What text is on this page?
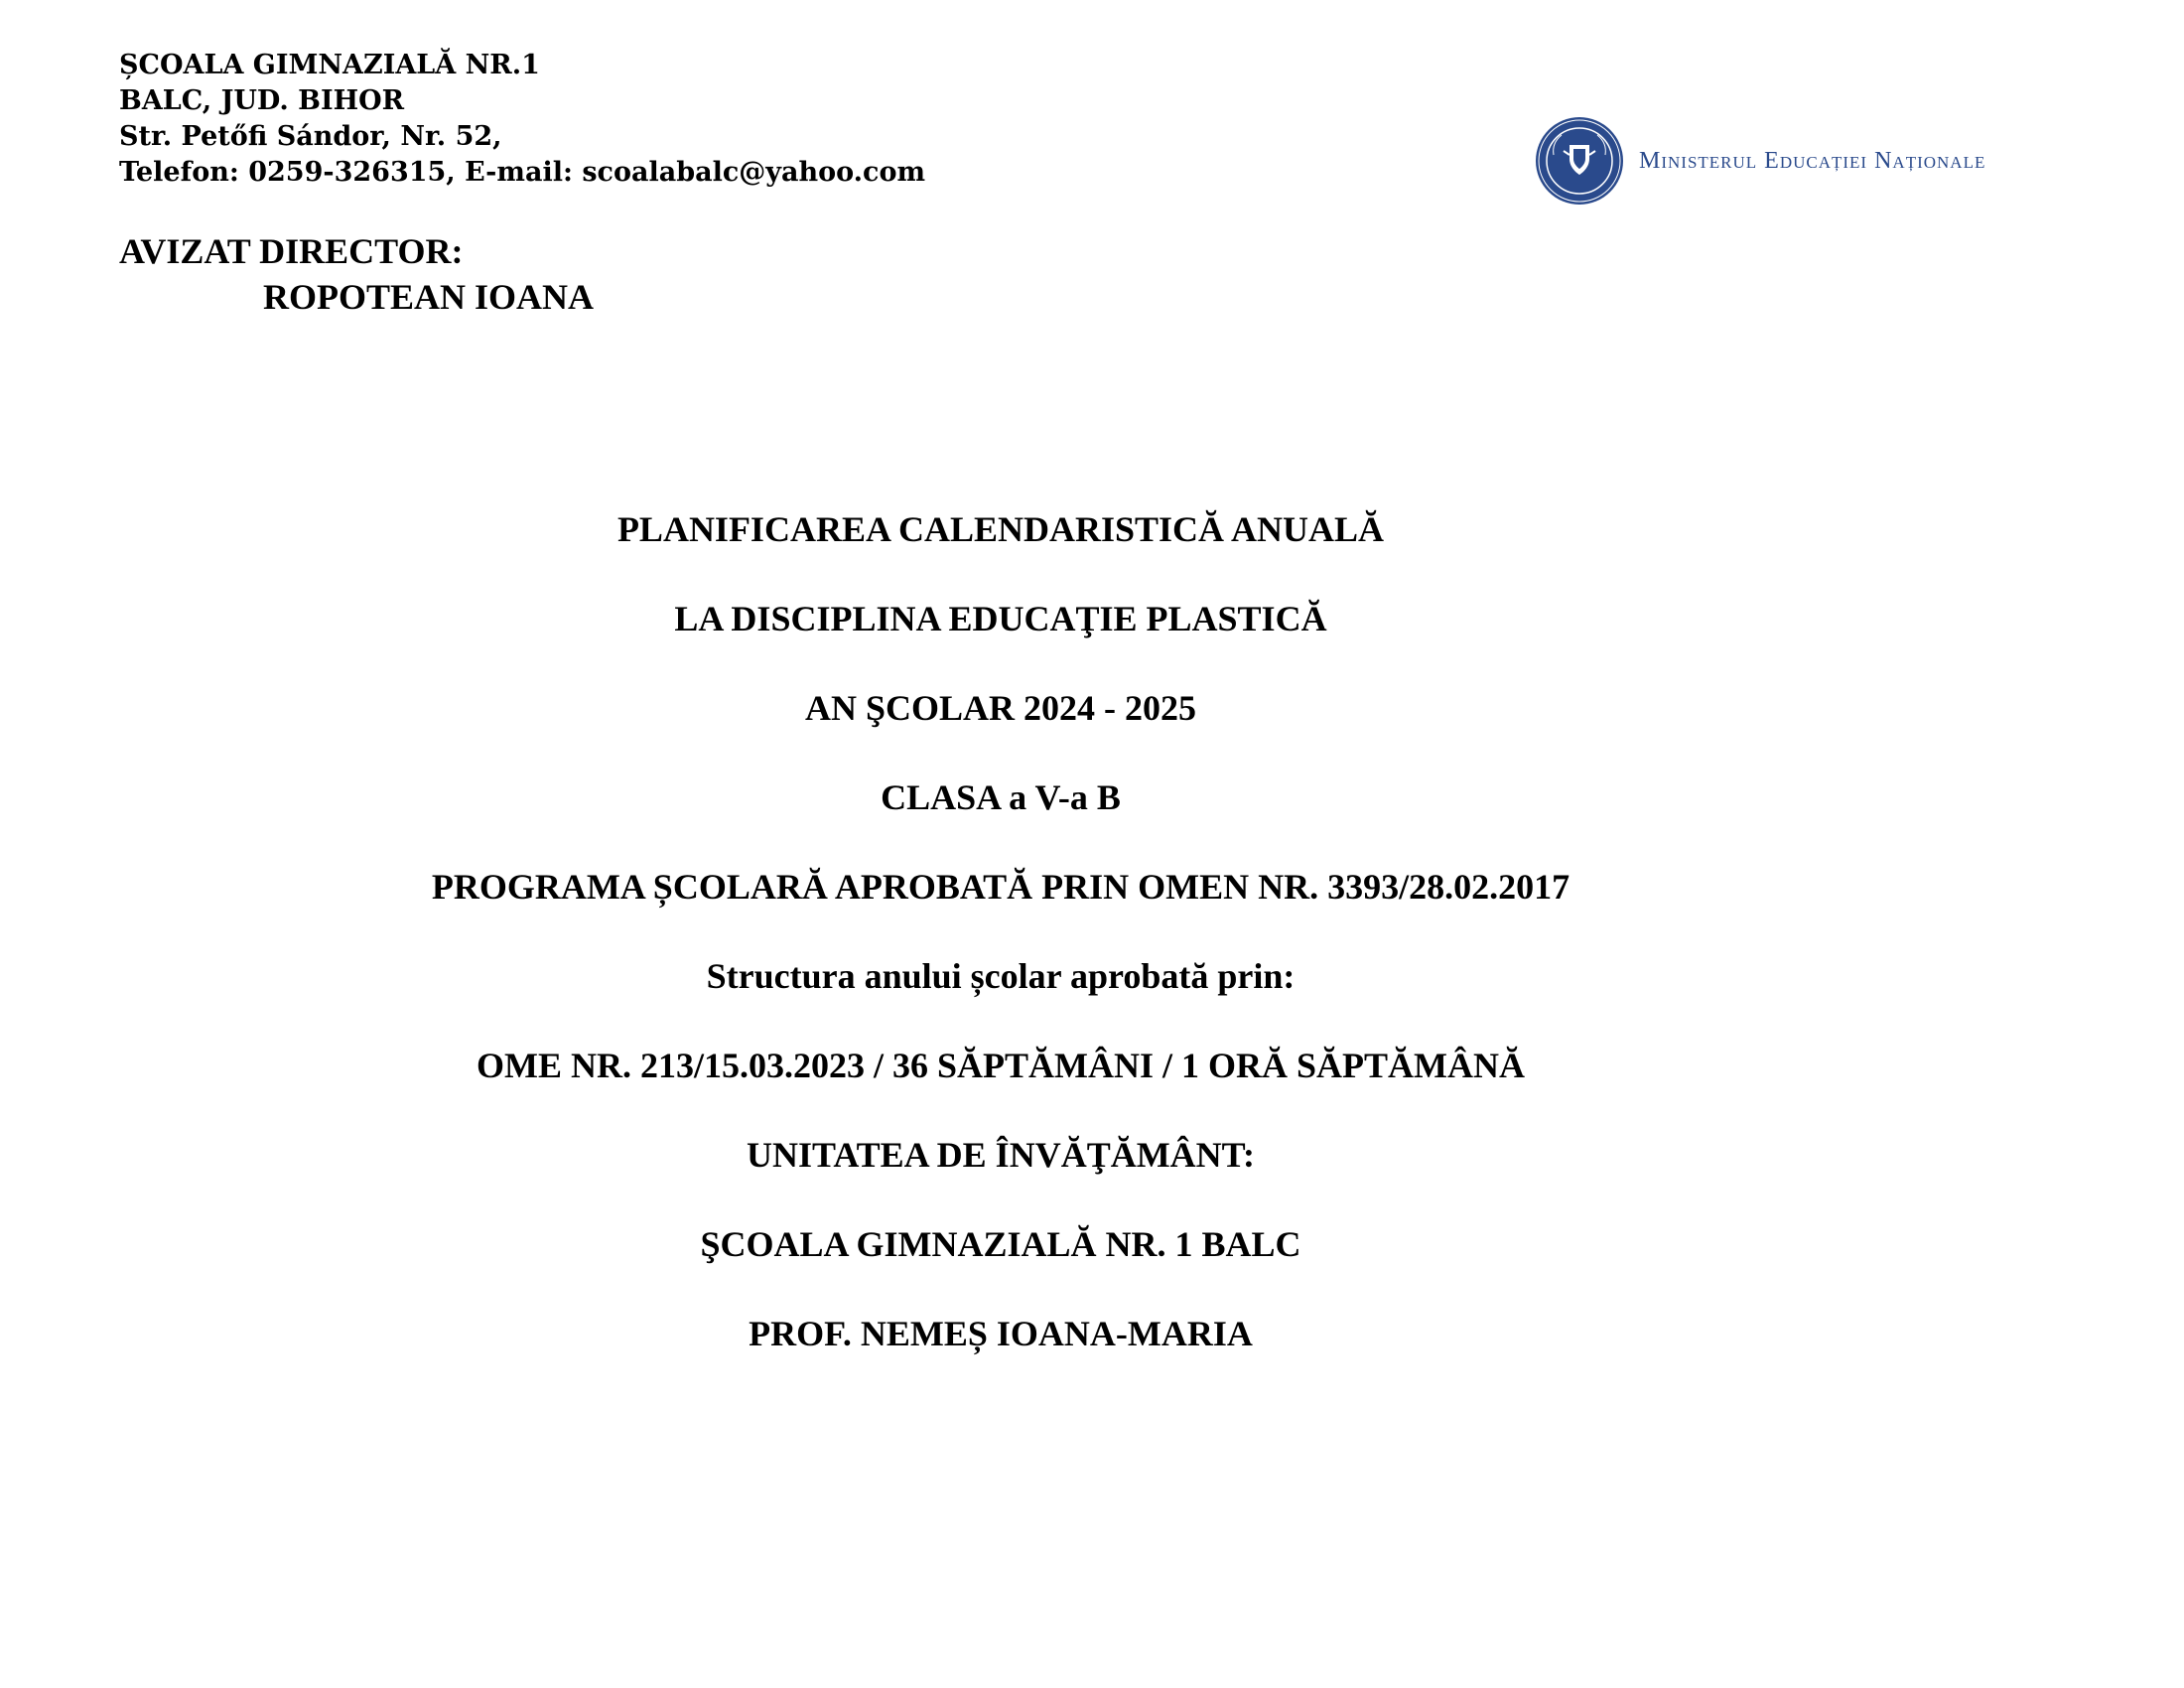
ȘCOALA GIMNAZIALĂ NR.1
BALC, JUD. BIHOR
Str. Petőfi Sándor, Nr. 52,
Telefon: 0259-326315, E-mail: scoalabalc@yahoo.com	Ministerul Educației Naționale
AVIZAT DIRECTOR:
ROPOTEAN IOANA
PLANIFICAREA CALENDARISTICĂ ANUALĂ
LA DISCIPLINA EDUCAŢIE PLASTICĂ
AN ŞCOLAR 2024 - 2025
CLASA a V-a B
PROGRAMA ȘCOLARĂ APROBATĂ PRIN OMEN NR. 3393/28.02.2017
Structura anului școlar aprobată prin:
OME NR. 213/15.03.2023 / 36 SĂPTĂMÂNI / 1 ORĂ SĂPTĂMÂNĂ
UNITATEA DE ÎNVĂŢĂMÂNT:
ŞCOALA GIMNAZIALĂ NR. 1 BALC
PROF. NEMEȘ IOANA-MARIA
